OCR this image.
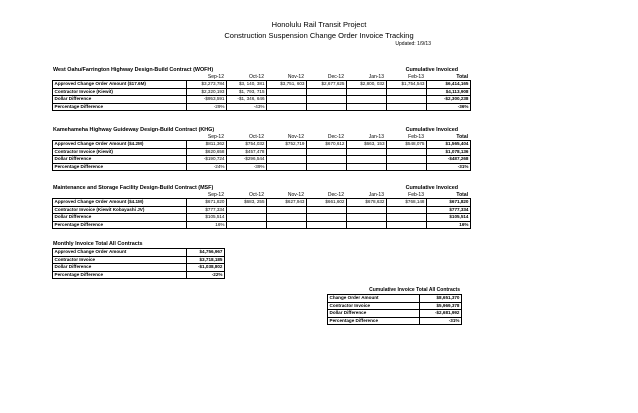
Honolulu Rail Transit Project
Construction Suspension Change Order Invoice Tracking
Updated: 1/9/13
West Oahu/Farrington Highway Design-Build Contract (WOFH)	Cumulative Invoiced
Sep-12	Oct-12	Nov-12	Dec-12	Jan-13	Feb-13	Total
Approved Change Order Amount ($17.6M)	$3,273,784	$3, 140, 381	$3,751, 603	$2,677,625	$2,800, 032	$1,754,543	$6,414,165
Contractor Invoice (Kiewit)	$2,320,193	$1, 793, 715					$4,113,908
Dollar Difference	-$953,591	-$1, 346, 646					-$2,300,238
Percentage Difference	-29%	-43%					-36%
Kamehameha Highway Guideway Design-Build Contract (KHG)	Cumulative Invoiced
Sep-12	Oct-12	Nov-12	Dec-12	Jan-13	Feb-13	Total
Approved Change Order Amount ($4.2M)	$811,362	$754,032	$752,719	$670,612	$663, 153	$548,075	$1,565,404
Contractor Invoice (Kiewit)	$620,658	$457,478					$1,078,136
Dollar Difference	-$190,724	-$296,544					-$487,268
Percentage Difference	-24%	-39%					-31%
Maintenance and Storage Facility Design-Build Contract (MSF)	Cumulative Invoiced
Sep-12	Oct-12	Nov-12	Dec-12	Jan-13	Feb-13	Total
Approved Change Order Amount ($4.1M)	$671,820	$683, 255	$627,943	$661,602	$678,632	$768,148	$671,820
Contractor Invoice (Kiewit Kobayashi JV)	$777,334						$777,334
Dollar Difference	$105,514						$105,514
Percentage Difference	16%						16%
Monthly Invoice Total All Contracts
Approved Change Order Amount	$4,756,967
Contractor Invoice	$3,718,185
Dollar Difference	-$1,038,802
Percentage Difference	-22%
Cumulative Invoice Total All Contracts
Change Order Amount	$8,651,370
Contractor Invoice	$5,969,378
Dollar Difference	-$2,681,992
Percentage Difference	-31%
